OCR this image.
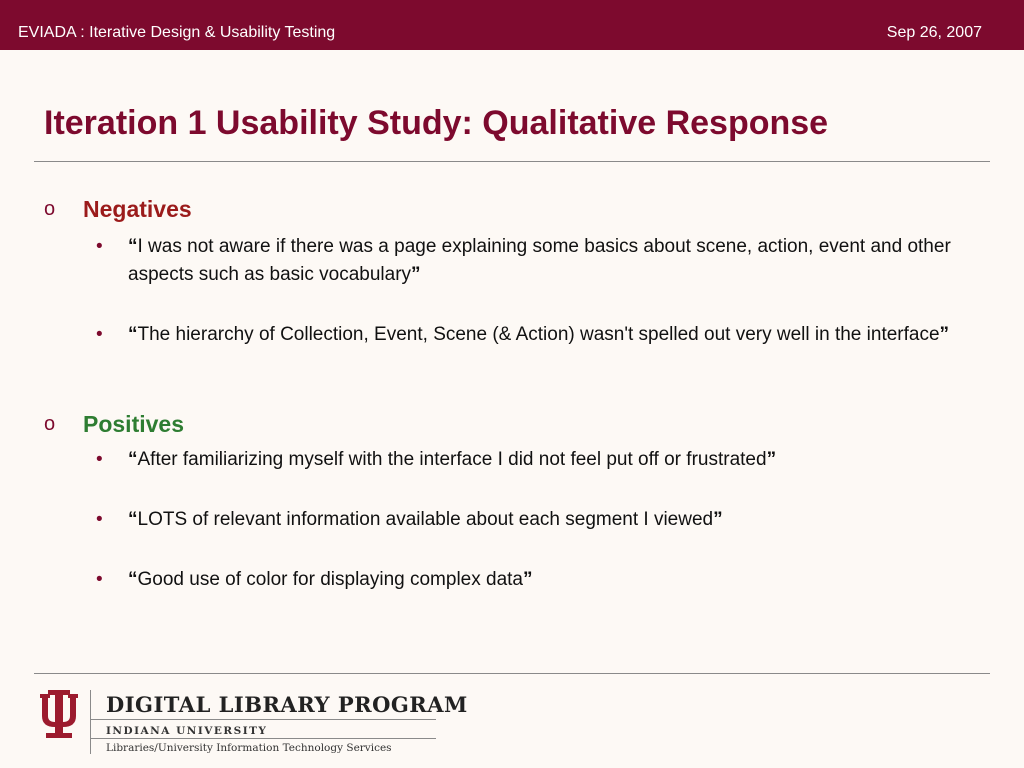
EVIADA : Iterative Design & Usability Testing	Sep 26, 2007
Iteration 1 Usability Study: Qualitative Response
o Negatives
• “I was not aware if there was a page explaining some basics about scene, action, event and other aspects such as basic vocabulary”
• “The hierarchy of Collection, Event, Scene (& Action) wasn't spelled out very well in the interface”
o Positives
• “After familiarizing myself with the interface I did not feel put off or frustrated”
• “LOTS of relevant information available about each segment I viewed”
• “Good use of color for displaying complex data”
DIGITAL LIBRARY PROGRAM
INDIANA UNIVERSITY
Libraries/University Information Technology Services
